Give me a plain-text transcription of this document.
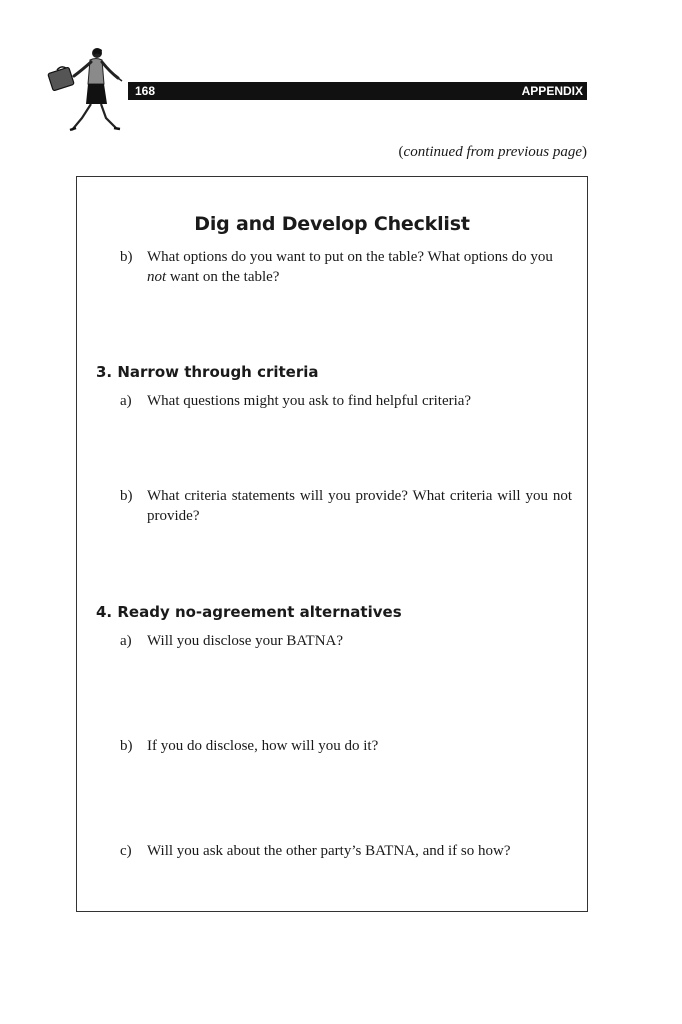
168	APPENDIX
(continued from previous page)
Dig and Develop Checklist
b) What options do you want to put on the table? What options do you
not want on the table?
3. Narrow through criteria
a) What questions might you ask to find helpful criteria?
b) What criteria statements will you provide? What criteria will you not provide?
4. Ready no-agreement alternatives
a) Will you disclose your BATNA?
b) If you do disclose, how will you do it?
c) Will you ask about the other party’s BATNA, and if so how?
